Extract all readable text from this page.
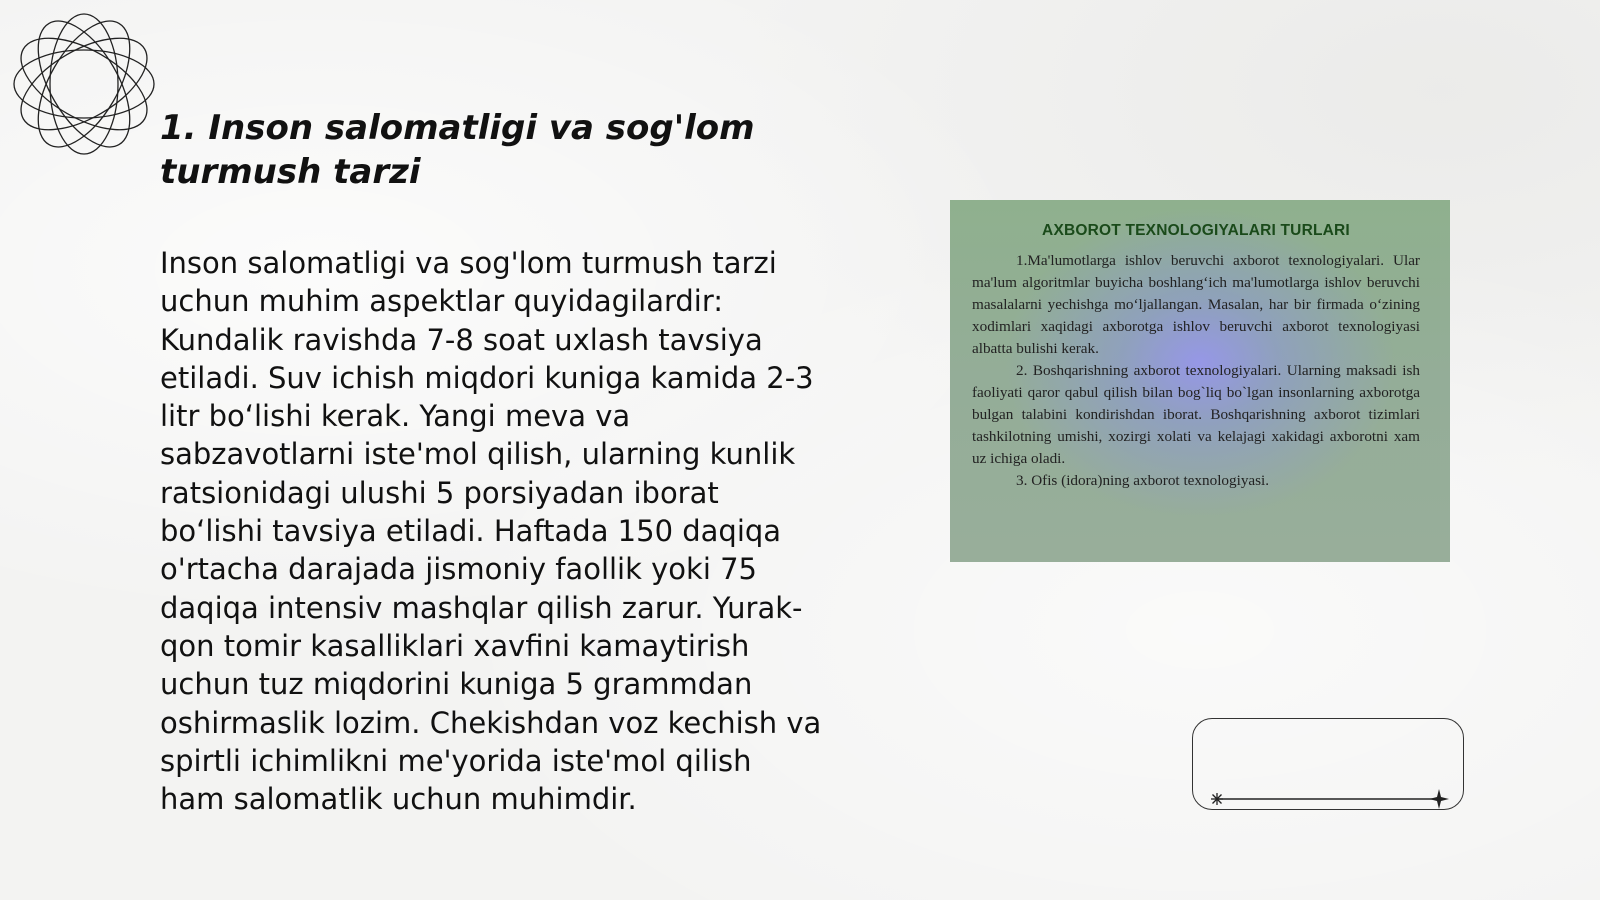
1. Inson salomatligi va sog'lom turmush tarzi

Inson salomatligi va sog'lom turmush tarzi
uchun muhim aspektlar quyidagilardir:
Kundalik ravishda 7-8 soat uxlash tavsiya
etiladi. Suv ichish miqdori kuniga kamida 2-3
litr bo‘lishi kerak. Yangi meva va
sabzavotlarni iste'mol qilish, ularning kunlik
ratsionidagi ulushi 5 porsiyadan iborat
bo‘lishi tavsiya etiladi. Haftada 150 daqiqa
o'rtacha darajada jismoniy faollik yoki 75
daqiqa intensiv mashqlar qilish zarur. Yurak-
qon tomir kasalliklari xavfini kamaytirish
uchun tuz miqdorini kuniga 5 grammdan
oshirmaslik lozim. Chekishdan voz kechish va
spirtli ichimlikni me'yorida iste'mol qilish
ham salomatlik uchun muhimdir.

AXBOROT TEXNOLOGIYALARI TURLARI

1.Ma'lumotlarga ishlov beruvchi axborot texnologiyalari. Ular ma'lum algoritmlar buyicha boshlang‘ich ma'lumotlarga ishlov beruvchi masalalarni yechishga mo‘ljallangan. Masalan, har bir firmada o‘zining xodimlari xaqidagi axborotga ishlov beruvchi axborot texnologiyasi albatta bulishi kerak.

2. Boshqarishning axborot texnologiyalari. Ularning maksadi ish faoliyati qaror qabul qilish bilan bog`liq bo`lgan insonlarning axborotga bulgan talabini kondirishdan iborat. Boshqarishning axborot tizimlari tashkilotning umishi, xozirgi xolati va kelajagi xakidagi axborotni xam uz ichiga oladi.

3. Ofis (idora)ning axborot texnologiyasi.
